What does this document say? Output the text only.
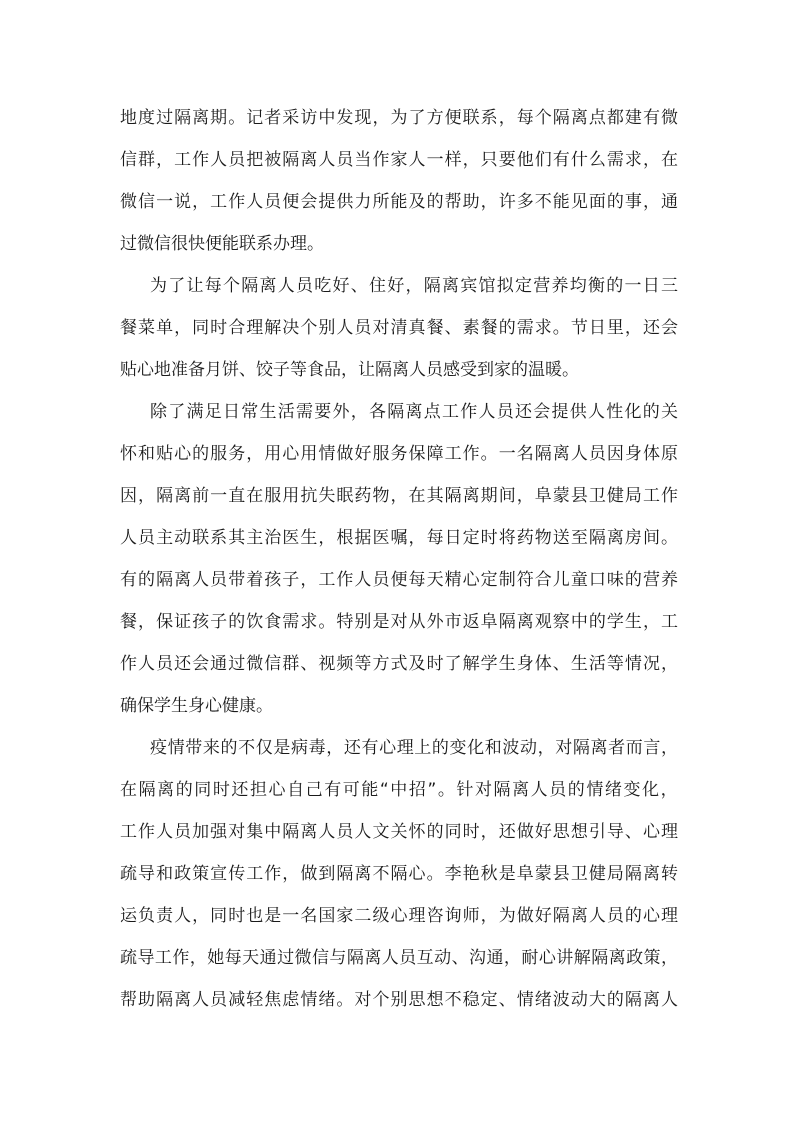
地度过隔离期。记者采访中发现，为了方便联系，每个隔离点都建有微
信群，工作人员把被隔离人员当作家人一样，只要他们有什么需求，在
微信一说，工作人员便会提供力所能及的帮助，许多不能见面的事，通
过微信很快便能联系办理。
为了让每个隔离人员吃好、住好，隔离宾馆拟定营养均衡的一日三
餐菜单，同时合理解决个别人员对清真餐、素餐的需求。节日里，还会
贴心地准备月饼、饺子等食品，让隔离人员感受到家的温暖。
除了满足日常生活需要外，各隔离点工作人员还会提供人性化的关
怀和贴心的服务，用心用情做好服务保障工作。一名隔离人员因身体原
因，隔离前一直在服用抗失眠药物，在其隔离期间，阜蒙县卫健局工作
人员主动联系其主治医生，根据医嘱，每日定时将药物送至隔离房间。
有的隔离人员带着孩子，工作人员便每天精心定制符合儿童口味的营养
餐，保证孩子的饮食需求。特别是对从外市返阜隔离观察中的学生，工
作人员还会通过微信群、视频等方式及时了解学生身体、生活等情况，
确保学生身心健康。
疫情带来的不仅是病毒，还有心理上的变化和波动，对隔离者而言，
在隔离的同时还担心自己有可能“中招”。针对隔离人员的情绪变化，
工作人员加强对集中隔离人员人文关怀的同时，还做好思想引导、心理
疏导和政策宣传工作，做到隔离不隔心。李艳秋是阜蒙县卫健局隔离转
运负责人，同时也是一名国家二级心理咨询师，为做好隔离人员的心理
疏导工作，她每天通过微信与隔离人员互动、沟通，耐心讲解隔离政策，
帮助隔离人员减轻焦虑情绪。对个别思想不稳定、情绪波动大的隔离人
